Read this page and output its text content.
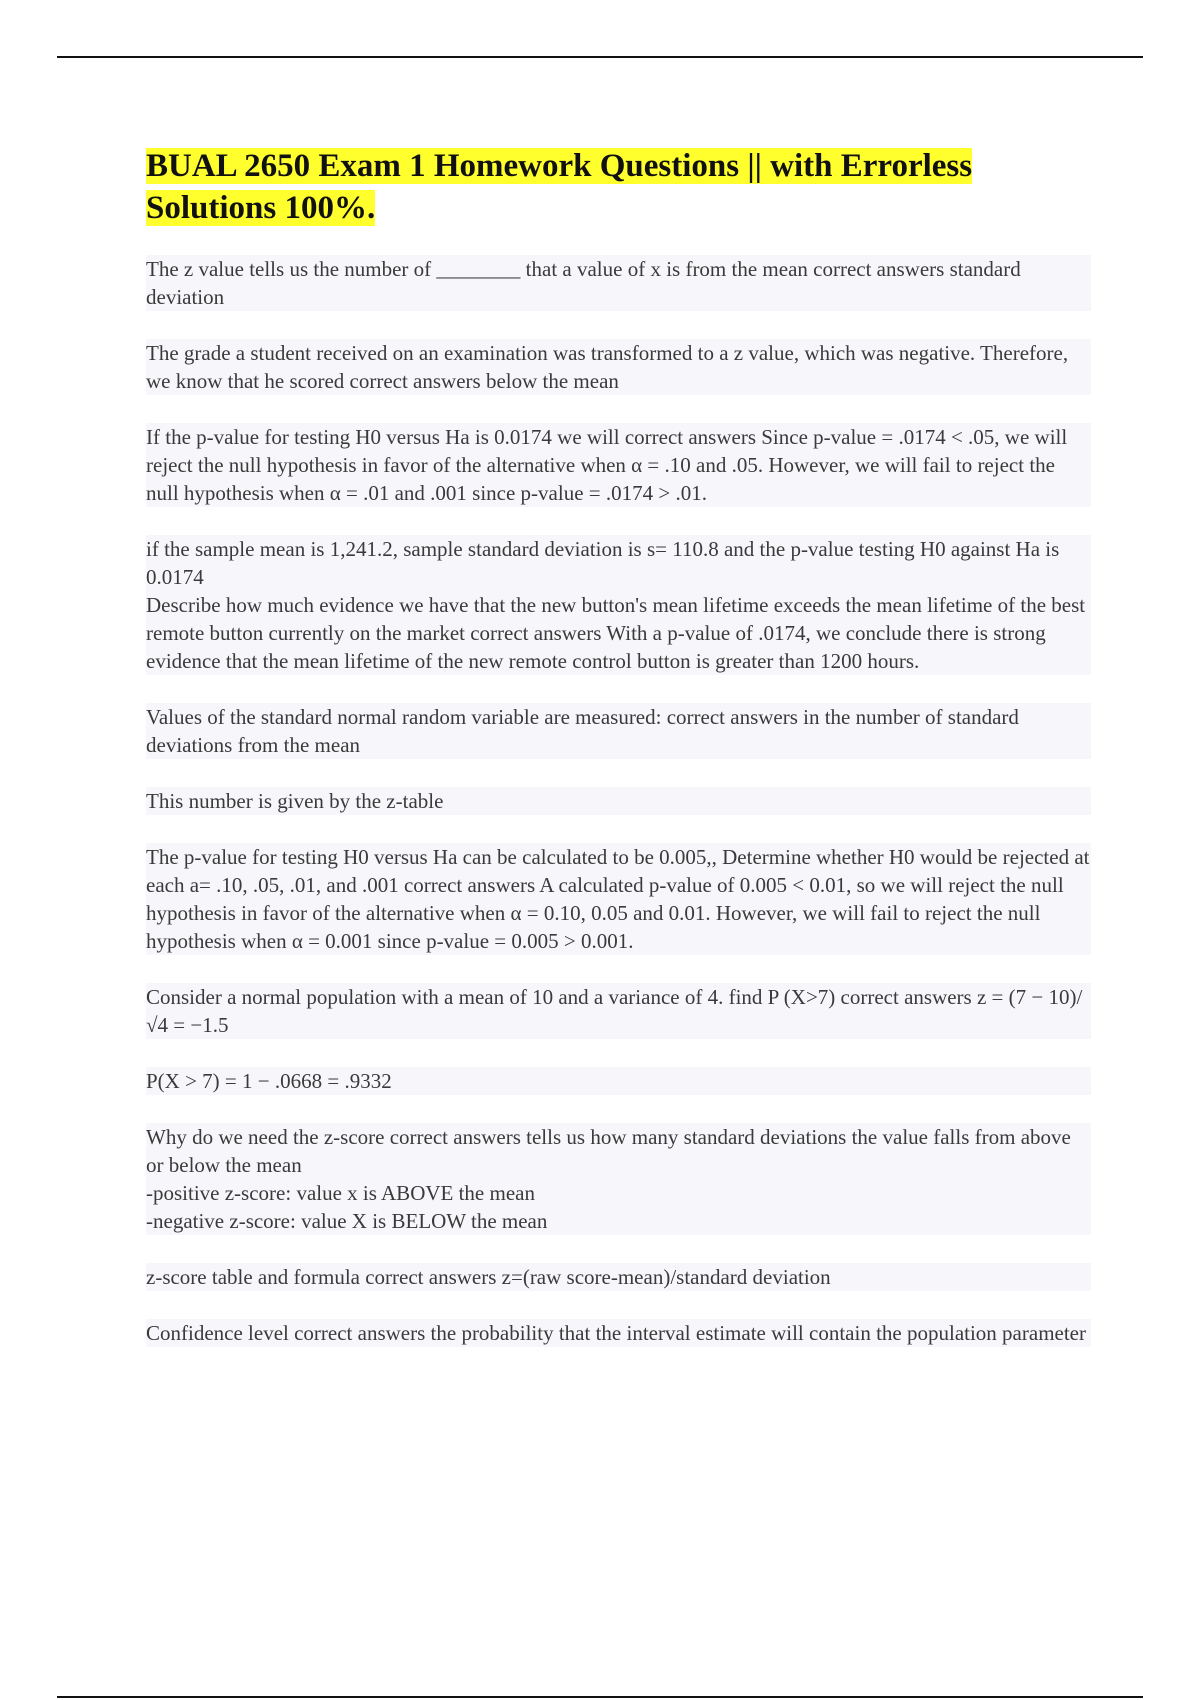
BUAL 2650 Exam 1 Homework Questions || with Errorless Solutions 100%.

The z value tells us the number of ________ that a value of x is from the mean correct answers standard deviation

The grade a student received on an examination was transformed to a z value, which was negative. Therefore, we know that he scored correct answers below the mean

If the p-value for testing H0 versus Ha is 0.0174 we will correct answers Since p-value = .0174 < .05, we will reject the null hypothesis in favor of the alternative when α = .10 and .05. However, we will fail to reject the null hypothesis when α = .01 and .001 since p-value = .0174 > .01.

if the sample mean is 1,241.2, sample standard deviation is s= 110.8 and the p-value testing H0 against Ha is 0.0174
Describe how much evidence we have that the new button's mean lifetime exceeds the mean lifetime of the best remote button currently on the market correct answers With a p-value of .0174, we conclude there is strong evidence that the mean lifetime of the new remote control button is greater than 1200 hours.

Values of the standard normal random variable are measured: correct answers in the number of standard deviations from the mean

This number is given by the z-table

The p-value for testing H0 versus Ha can be calculated to be 0.005,, Determine whether H0 would be rejected at each a= .10, .05, .01, and .001 correct answers A calculated p-value of 0.005 < 0.01, so we will reject the null hypothesis in favor of the alternative when α = 0.10, 0.05 and 0.01. However, we will fail to reject the null hypothesis when α = 0.001 since p-value = 0.005 > 0.001.

Consider a normal population with a mean of 10 and a variance of 4. find P (X>7) correct answers z = (7 − 10)/√4 = −1.5

P(X > 7) = 1 − .0668 = .9332

Why do we need the z-score correct answers tells us how many standard deviations the value falls from above or below the mean
-positive z-score: value x is ABOVE the mean
-negative z-score: value X is BELOW the mean

z-score table and formula correct answers z=(raw score-mean)/standard deviation

Confidence level correct answers the probability that the interval estimate will contain the population parameter
